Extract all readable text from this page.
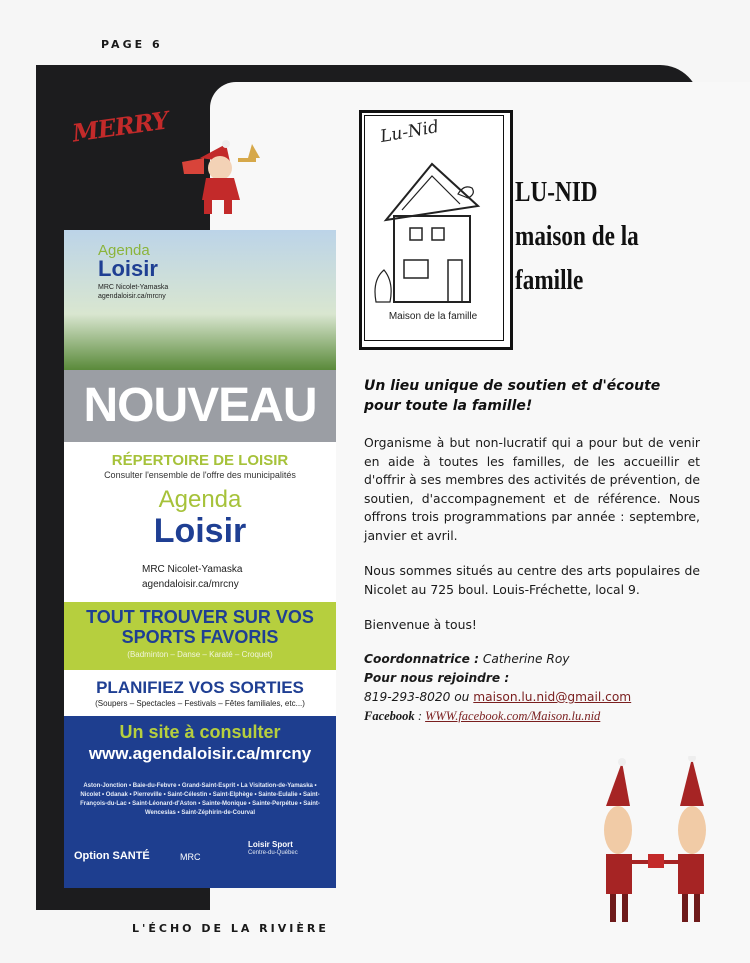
PAGE 6
MERRY
Agenda
Loisir
MRC Nicolet-Yamaska
agendaloisir.ca/mrcny
NOUVEAU
RÉPERTOIRE DE LOISIR
Consulter l'ensemble de l'offre des municipalités
Agenda
Loisir
MRC Nicolet-Yamaska
agendaloisir.ca/mrcny
TOUT TROUVER SUR VOS SPORTS FAVORIS
(Badminton – Danse – Karaté – Croquet)
PLANIFIEZ VOS SORTIES
(Soupers – Spectacles – Festivals – Fêtes familiales, etc...)
Un site à consulter
www.agendaloisir.ca/mrcny
Aston-Jonction • Baie-du-Febvre • Grand-Saint-Esprit • La Visitation-de-Yamaska • Nicolet • Odanak • Pierreville • Saint-Célestin • Saint-Elphège • Sainte-Eulalie • Saint-François-du-Lac • Saint-Léonard-d'Aston • Sainte-Monique • Sainte-Perpétue • Saint-Wenceslas • Saint-Zéphirin-de-Courval
Option SANTÉ	MRC
Loisir Sport
Centre-du-Québec
Lu-Nid
Maison de la famille
LU-NID
maison de la
famille
Un lieu unique de soutien et d'écoute pour toute la famille!

Organisme à but non-lucratif qui a pour but de venir en aide à toutes les familles, de les accueillir et d'offrir à ses membres des activités de prévention, de soutien, d'accompagnement et de référence. Nous offrons trois programmations par année : septembre, janvier et avril.

Nous sommes situés au centre des arts populaires de Nicolet au 725 boul. Louis-Fréchette, local 9.

Bienvenue à tous!

Coordonnatrice : Catherine Roy
Pour nous rejoindre :
819-293-8020 ou maison.lu.nid@gmail.com
Facebook : WWW.facebook.com/Maison.lu.nid
L'ÉCHO DE LA RIVIÈRE
